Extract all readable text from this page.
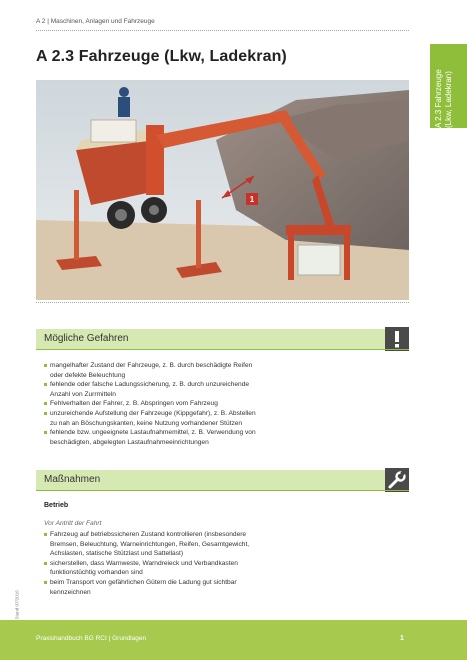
A 2 | Maschinen, Anlagen und Fahrzeuge
A 2.3 Fahrzeuge (Lkw, Ladekran)
A 2.3 Fahrzeuge (Lkw, Ladekran)
1
Mögliche Gefahren
mangelhafter Zustand der Fahrzeuge, z. B. durch beschädigte Reifen
oder defekte Beleuchtung
fehlende oder falsche Ladungssicherung, z. B. durch unzureichende
Anzahl von Zurrmitteln
Fehlverhalten der Fahrer, z. B. Abspringen vom Fahrzeug
unzureichende Aufstellung der Fahrzeuge (Kippgefahr), z. B. Abstellen
zu nah an Böschungskanten, keine Nutzung vorhandener Stützen
fehlende bzw. ungeeignete Lastaufnahmemittel, z. B. Verwendung von
beschädigten, abgelegten Lastaufnahmeeinrichtungen
Maßnahmen
Betrieb
Vor Antritt der Fahrt
Fahrzeug auf betriebssicheren Zustand kontrollieren (insbesondere
Bremsen, Beleuchtung, Warneinrichtungen, Reifen, Gesamtgewicht,
Achslasten, statische Stützlast und Sattellast)
sicherstellen, dass Warnweste, Warndreieck und Verbandkasten
funktionstüchtig vorhanden sind
beim Transport von gefährlichen Gütern die Ladung gut sichtbar
kennzeichnen
Stand 07/2016
Praxishandbuch BG RCI | Grundlagen	1
